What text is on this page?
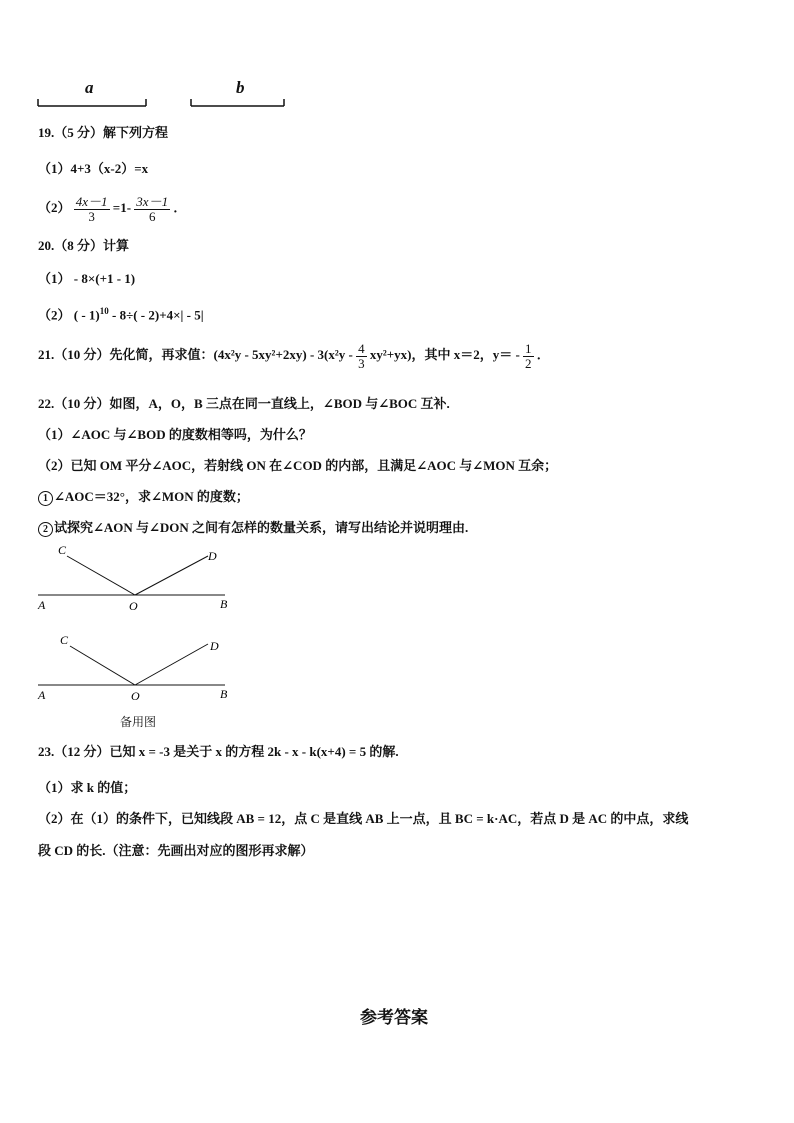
a	b
19.（5 分）解下列方程
（1）4+3（x-2）=x
$(2) \frac{4x-1}{3} =1- \frac{3x-1}{6}$ ．
20.（8 分）计算
（1） - 8×(+1 - 1)
（2） ( - 1)$^{10}$ - 8÷( - 2)+4×| - 5|
21.（10 分）先化简，再求值：$(4x^2y - 5xy^2+2xy) - 3(x^2y - \frac{4}{3} xy^2+yx)$，其中 x＝2，$y= - \frac{1}{2}$ ．
22.（10 分）如图，A，O，B 三点在同一直线上，∠BOD 与∠BOC 互补.
（1）∠AOC 与∠BOD 的度数相等吗，为什么？
（2）已知 OM 平分∠AOC，若射线 ON 在∠COD 的内部，且满足∠AOC 与∠MON 互余；
1 ∠AOC＝32°，求∠MON 的度数；
2 试探究∠AON 与∠DON 之间有怎样的数量关系，请写出结论并说明理由.
C	D
A	O	B
C	D
A	O	B
备用图
23.（12 分）已知 x = -3 是关于 x 的方程 2k - x - k(x+4) = 5 的解.
（1）求 k 的值；
（2）在（1）的条件下，已知线段 AB = 12，点 C 是直线 AB 上一点，且 BC = k·AC，若点 D 是 AC 的中点，求线
段 CD 的长.（注意：先画出对应的图形再求解）
参考答案
